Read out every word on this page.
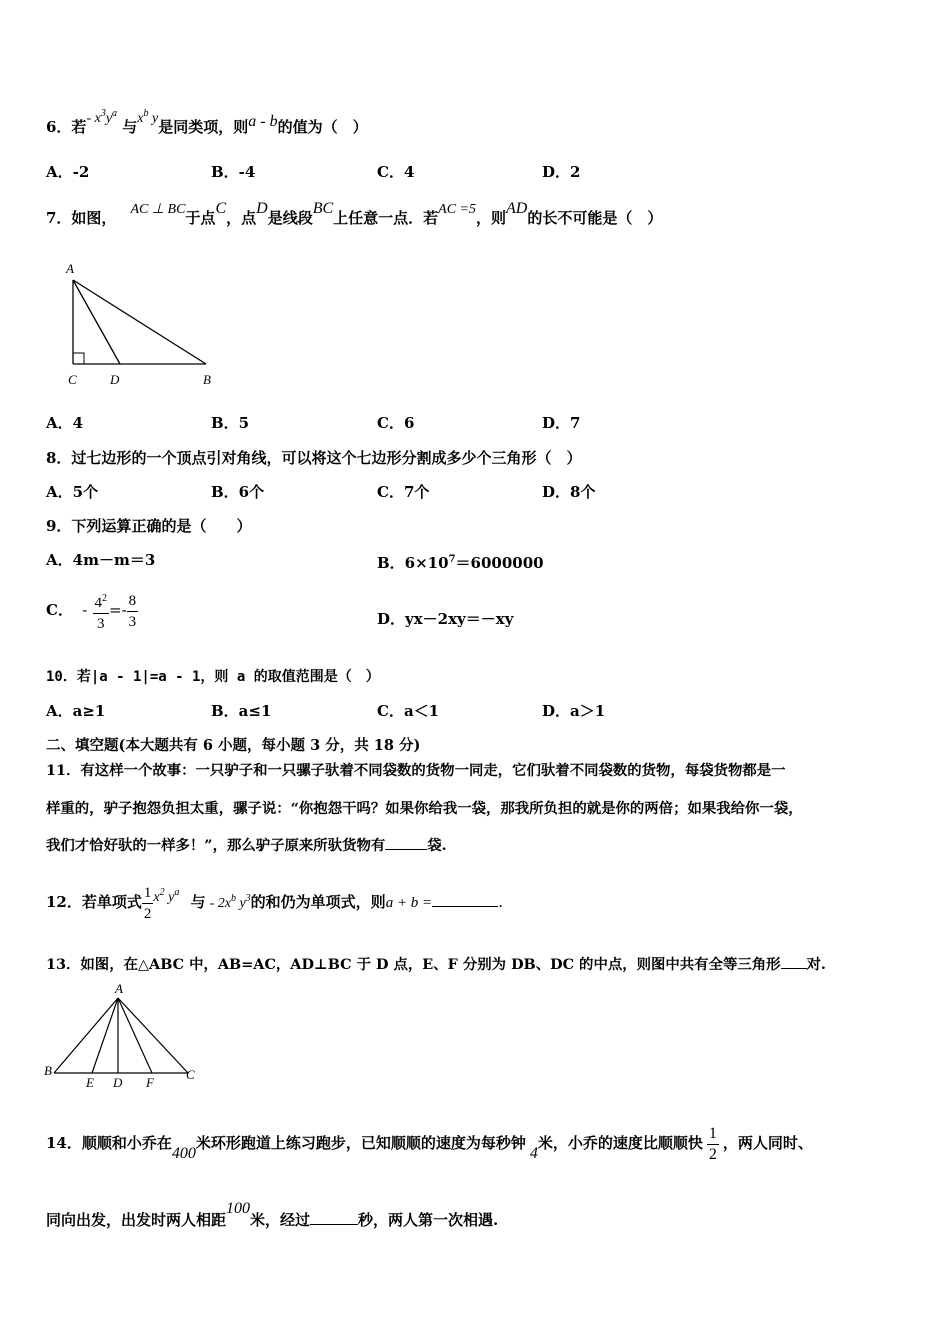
6．若- $x^3y^a$ 与$x^b$ y是同类项，则a - b的值为（　）
A．-2	B．-4	C．4	D．2
7．如图， AC ⊥ BC于点C，点D是线段BC上任意一点．若AC =5，则AD的长不可能是（　）
A
C	D	B
A．4	B．5	C．6	D．7
8．过七边形的一个顶点引对角线，可以将这个七边形分割成多少个三角形（　）
A．5个	B．6个	C．7个	D．8个
9．下列运算正确的是（　　）
A．4m－m＝3	B．$6\times 10^7=6000000$
C． - $\frac{4^2}{3} =- \frac{8}{3}$	D．yx－2xy＝－xy
10．若|a - 1|=a - 1，则 a 的取值范围是（　）
A．a≥1	B．a≤1	C．a＜1	D．a＞1
二、填空题(本大题共有 6 小题，每小题 3 分，共 18 分)
11．有这样一个故事：一只驴子和一只骡子驮着不同袋数的货物一同走，它们驮着不同袋数的货物，每袋货物都是一
样重的，驴子抱怨负担太重，骡子说：“你抱怨干吗？如果你给我一袋，那我所负担的就是你的两倍；如果我给你一袋，
我们才恰好驮的一样多！”，那么驴子原来所驮货物有	袋.
12．若单项式 $\frac{1}{2} x^2$ $y^a$ 与 - $2x^b$ $y^3$的和仍为单项式，则a + b =	.
13．如图，在△ABC 中，AB=AC，AD⊥BC 于 D 点，E、F 分别为 DB、DC 的中点，则图中共有全等三角形 对.
A
B
E D F
C
14．顺顺和小乔在400米环形跑道上练习跑步，已知顺顺的速度为每秒钟4米，小乔的速度比顺顺快 $\frac{1}{2}$ ，两人同时、
同向出发，出发时两人相距100米，经过	秒，两人第一次相遇.
